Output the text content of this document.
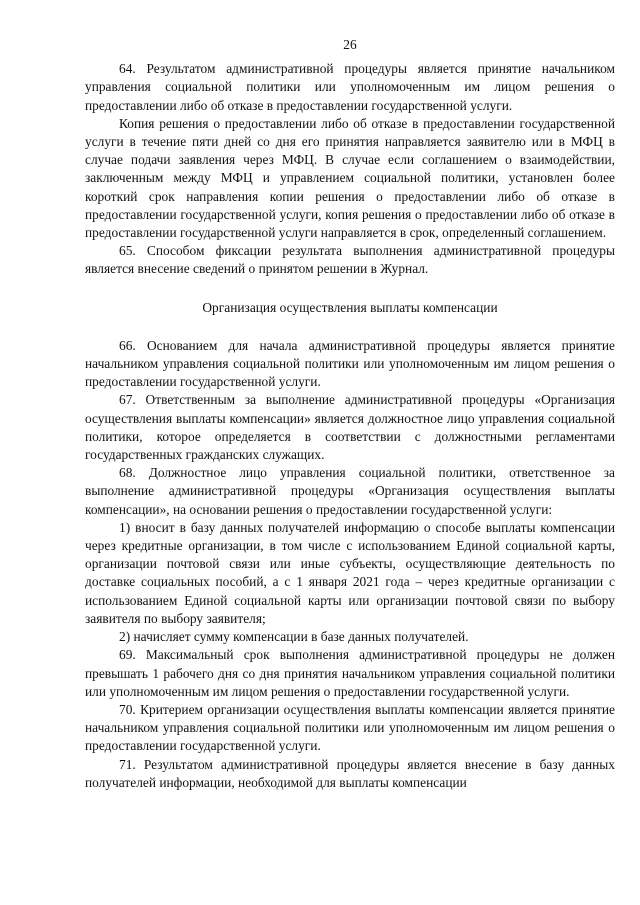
26

64. Результатом административной процедуры является принятие начальником управления социальной политики или уполномоченным им лицом решения о предоставлении либо об отказе в предоставлении государственной услуги.

Копия решения о предоставлении либо об отказе в предоставлении государственной услуги в течение пяти дней со дня его принятия направляется заявителю или в МФЦ в случае подачи заявления через МФЦ. В случае если соглашением о взаимодействии, заключенным между МФЦ и управлением социальной политики, установлен более короткий срок направления копии решения о предоставлении либо об отказе в предоставлении государственной услуги, копия решения о предоставлении либо об отказе в предоставлении государственной услуги направляется в срок, определенный соглашением.

65. Способом фиксации результата выполнения административной процедуры является внесение сведений о принятом решении в Журнал.

Организация осуществления выплаты компенсации

66. Основанием для начала административной процедуры является принятие начальником управления социальной политики или уполномоченным им лицом решения о предоставлении государственной услуги.

67. Ответственным за выполнение административной процедуры «Организация осуществления выплаты компенсации» является должностное лицо управления социальной политики, которое определяется в соответствии с должностными регламентами государственных гражданских служащих.

68. Должностное лицо управления социальной политики, ответственное за выполнение административной процедуры «Организация осуществления выплаты компенсации», на основании решения о предоставлении государственной услуги:

1) вносит в базу данных получателей информацию о способе выплаты компенсации через кредитные организации, в том числе с использованием Единой социальной карты, организации почтовой связи или иные субъекты, осуществляющие деятельность по доставке социальных пособий, а с 1 января 2021 года – через кредитные организации с использованием Единой социальной карты или организации почтовой связи по выбору заявителя по выбору заявителя;

2) начисляет сумму компенсации в базе данных получателей.

69. Максимальный срок выполнения административной процедуры не должен превышать 1 рабочего дня со дня принятия начальником управления социальной политики или уполномоченным им лицом решения о предоставлении государственной услуги.

70. Критерием организации осуществления выплаты компенсации является принятие начальником управления социальной политики или уполномоченным им лицом решения о предоставлении государственной услуги.

71. Результатом административной процедуры является внесение в базу данных получателей информации, необходимой для выплаты компенсации
